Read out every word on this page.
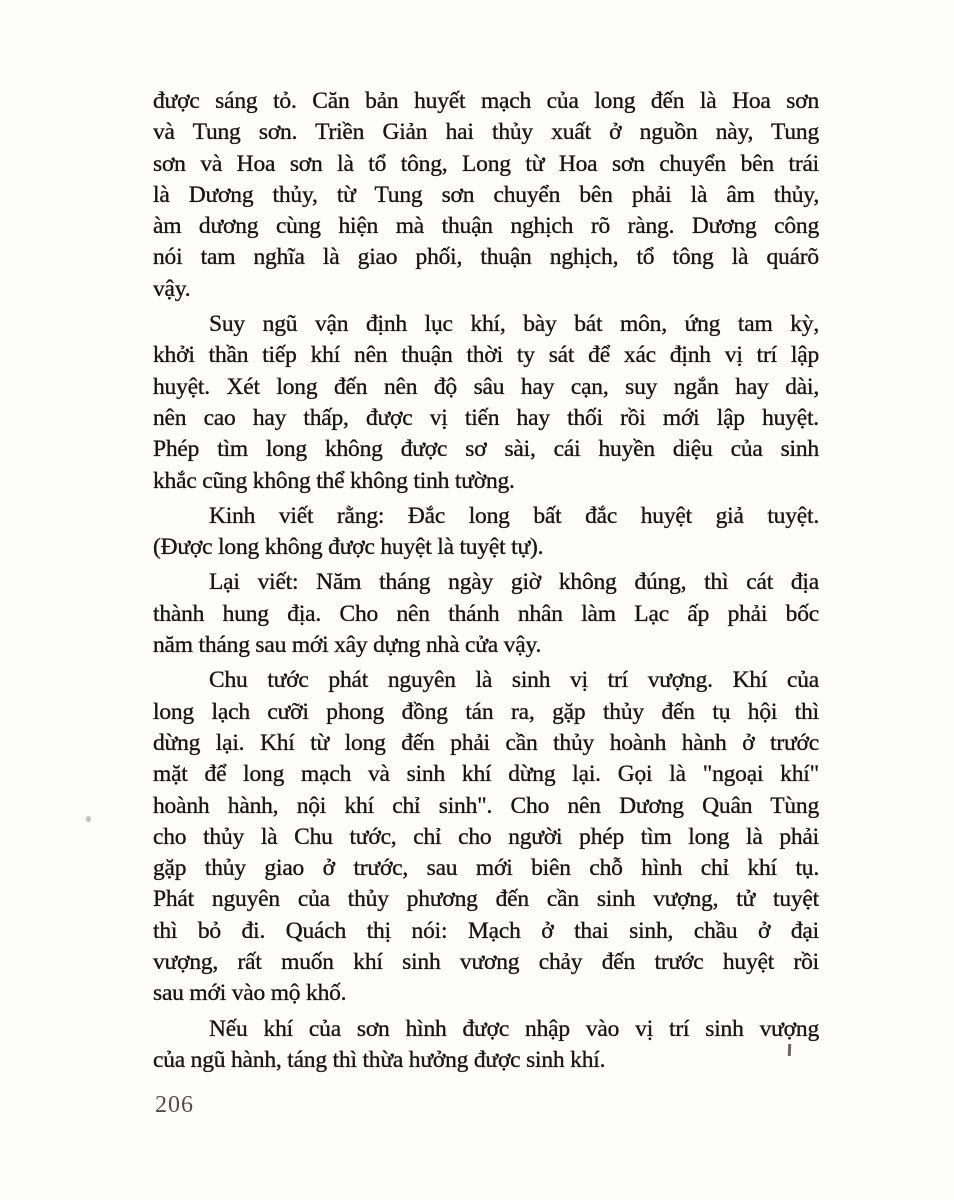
được sáng tỏ. Căn bản huyết mạch của long đến là Hoa sơn
và Tung sơn. Triền Giản hai thủy xuất ở nguồn này, Tung
sơn và Hoa sơn là tổ tông, Long từ Hoa sơn chuyển bên trái
là Dương thủy, từ Tung sơn chuyển bên phải là âm thủy,
àm dương cùng hiện mà thuận nghịch rõ ràng. Dương công
nói tam nghĩa là giao phối, thuận nghịch, tổ tông là quárõ
vậy.

Suy ngũ vận định lục khí, bày bát môn, ứng tam kỳ,
khởi thần tiếp khí nên thuận thời ty sát để xác định vị trí lập
huyệt. Xét long đến nên độ sâu hay cạn, suy ngắn hay dài,
nên cao hay thấp, được vị tiến hay thối rồi mới lập huyệt.
Phép tìm long không được sơ sài, cái huyền diệu của sinh
khắc cũng không thể không tinh tường.

Kinh viết rằng: Đắc long bất đắc huyệt giả tuyệt.
(Được long không được huyệt là tuyệt tự).

Lại viết: Năm tháng ngày giờ không đúng, thì cát địa
thành hung địa. Cho nên thánh nhân làm Lạc ấp phải bốc
năm tháng sau mới xây dựng nhà cửa vậy.

Chu tước phát nguyên là sinh vị trí vượng. Khí của
long lạch cưỡi phong đồng tán ra, gặp thủy đến tụ hội thì
dừng lại. Khí từ long đến phải cần thủy hoành hành ở trước
mặt để long mạch và sinh khí dừng lại. Gọi là "ngoại khí"
hoành hành, nội khí chỉ sinh". Cho nên Dương Quân Tùng
cho thủy là Chu tước, chỉ cho người phép tìm long là phải
gặp thủy giao ở trước, sau mới biên chỗ hình chỉ khí tụ.
Phát nguyên của thủy phương đến cần sinh vượng, tử tuyệt
thì bỏ đi. Quách thị nói: Mạch ở thai sinh, chầu ở đại
vượng, rất muốn khí sinh vương chảy đến trước huyệt rồi
sau mới vào mộ khố.

Nếu khí của sơn hình được nhập vào vị trí sinh vượng
của ngũ hành, táng thì thừa hưởng được sinh khí.

206
